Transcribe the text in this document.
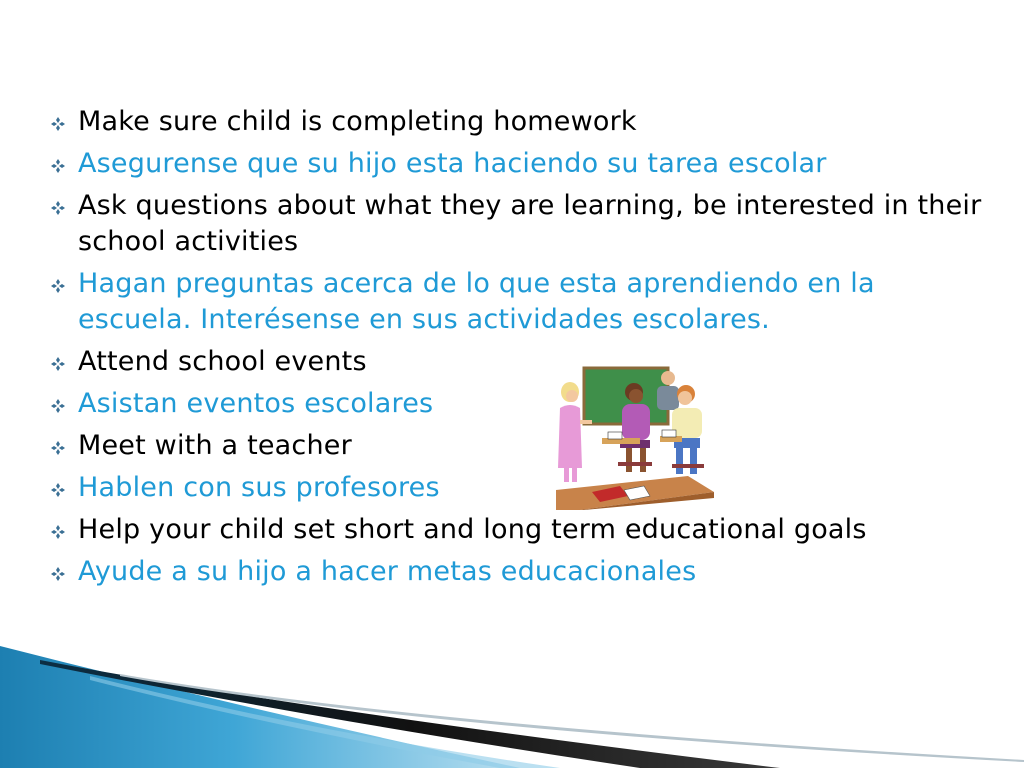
Make sure child is completing homework
Asegurense que su hijo esta haciendo su tarea escolar
Ask questions about what they are learning, be interested in their school activities
Hagan preguntas acerca de lo que esta aprendiendo en la escuela. Interésense en sus actividades escolares.
Attend school events
Asistan eventos escolares
Meet with a teacher
Hablen con sus profesores
Help your child set short and long term educational goals
Ayude a su hijo a hacer metas educacionales
